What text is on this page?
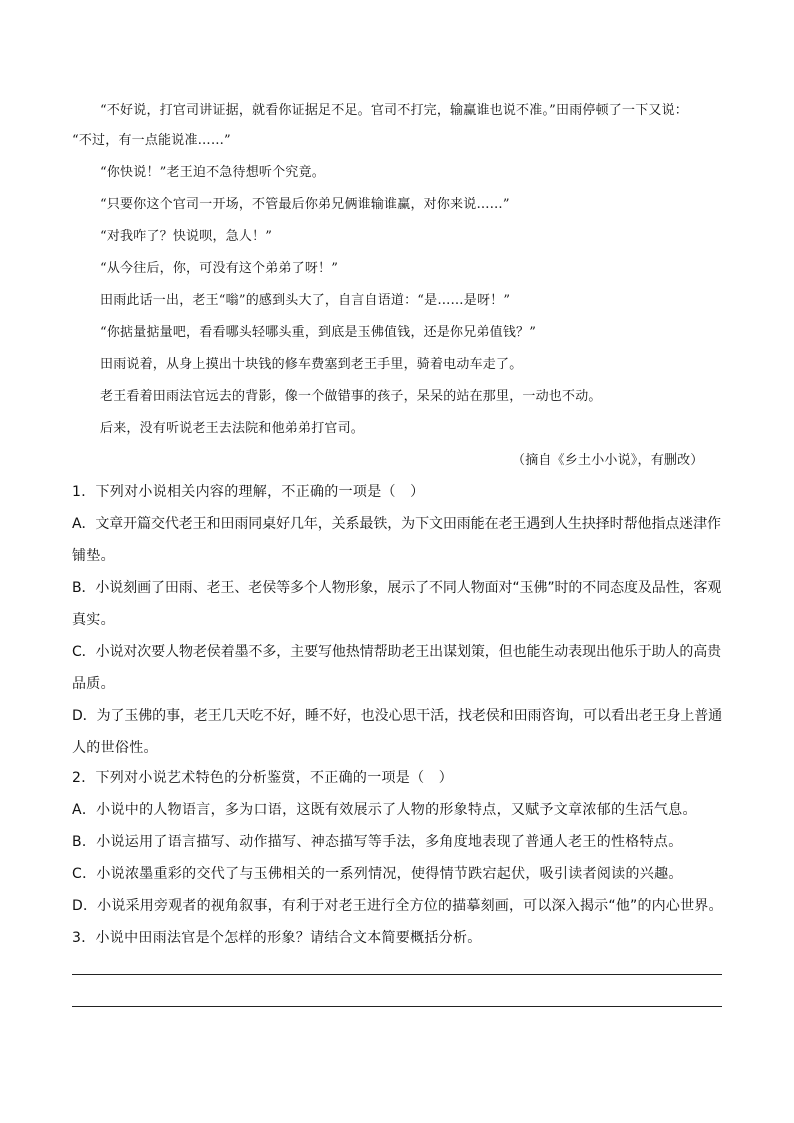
“不好说，打官司讲证据，就看你证据足不足。官司不打完，输赢谁也说不准。”田雨停顿了一下又说：
“不过，有一点能说准……”
“你快说！”老王迫不急待想听个究竟。
“只要你这个官司一开场，不管最后你弟兄俩谁输谁赢，对你来说……”
“对我咋了？快说呗，急人！”
“从今往后，你，可没有这个弟弟了呀！”
田雨此话一出，老王“嗡”的感到头大了，自言自语道：“是……是呀！”
“你掂量掂量吧，看看哪头轻哪头重，到底是玉佛值钱，还是你兄弟值钱？”
田雨说着，从身上摸出十块钱的修车费塞到老王手里，骑着电动车走了。
老王看着田雨法官远去的背影，像一个做错事的孩子，呆呆的站在那里，一动也不动。
后来，没有听说老王去法院和他弟弟打官司。
（摘自《乡土小小说》，有删改）
1．下列对小说相关内容的理解，不正确的一项是（　）
A．文章开篇交代老王和田雨同桌好几年，关系最铁，为下文田雨能在老王遇到人生抉择时帮他指点迷津作
铺垫。
B．小说刻画了田雨、老王、老侯等多个人物形象，展示了不同人物面对“玉佛”时的不同态度及品性，客观
真实。
C．小说对次要人物老侯着墨不多，主要写他热情帮助老王出谋划策，但也能生动表现出他乐于助人的高贵
品质。
D．为了玉佛的事，老王几天吃不好，睡不好，也没心思干活，找老侯和田雨咨询，可以看出老王身上普通
人的世俗性。
2．下列对小说艺术特色的分析鉴赏，不正确的一项是（　）
A．小说中的人物语言，多为口语，这既有效展示了人物的形象特点，又赋予文章浓郁的生活气息。
B．小说运用了语言描写、动作描写、神态描写等手法，多角度地表现了普通人老王的性格特点。
C．小说浓墨重彩的交代了与玉佛相关的一系列情况，使得情节跌宕起伏，吸引读者阅读的兴趣。
D．小说采用旁观者的视角叙事，有利于对老王进行全方位的描摹刻画，可以深入揭示“他”的内心世界。
3．小说中田雨法官是个怎样的形象？请结合文本简要概括分析。
